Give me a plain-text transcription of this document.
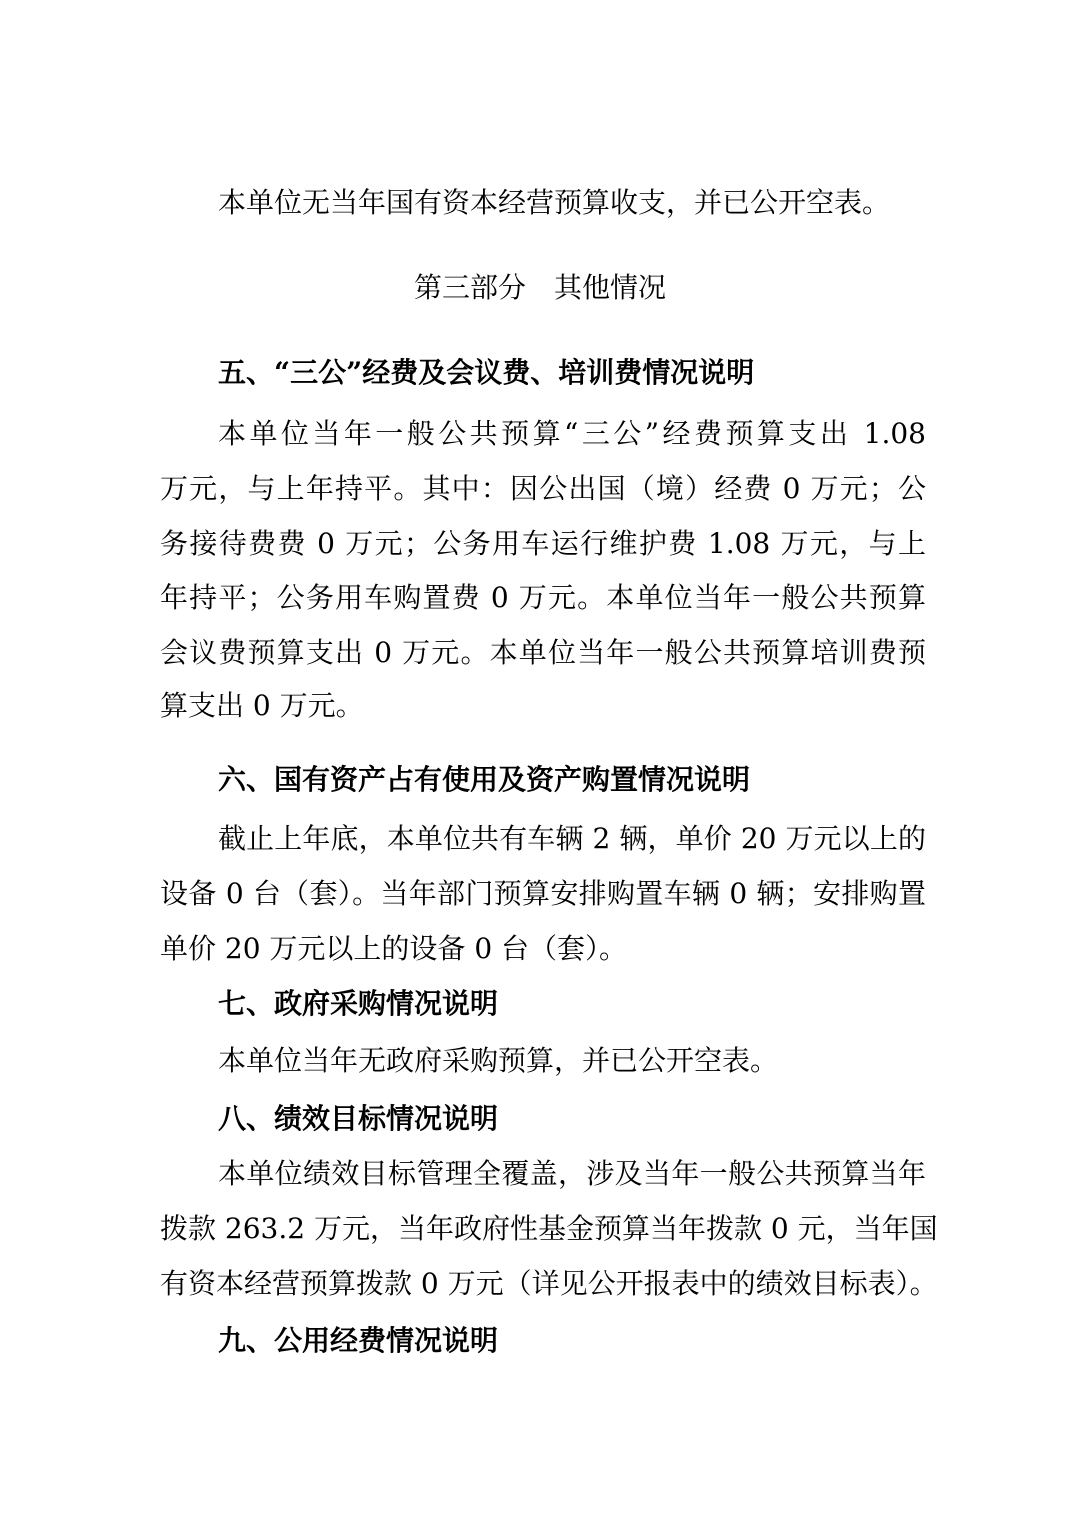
本单位无当年国有资本经营预算收支，并已公开空表。
第三部分　其他情况
五、“三公”经费及会议费、培训费情况说明
本单位当年一般公共预算“三公”经费预算支出 1.08
万元，与上年持平。其中：因公出国（境）经费 0 万元；公
务接待费费 0 万元；公务用车运行维护费 1.08 万元，与上
年持平；公务用车购置费 0 万元。本单位当年一般公共预算
会议费预算支出 0 万元。本单位当年一般公共预算培训费预
算支出 0 万元。
六、国有资产占有使用及资产购置情况说明
截止上年底，本单位共有车辆 2 辆，单价 20 万元以上的
设备 0 台（套）。当年部门预算安排购置车辆 0 辆；安排购置
单价 20 万元以上的设备 0 台（套）。
七、政府采购情况说明
本单位当年无政府采购预算，并已公开空表。
八、绩效目标情况说明
本单位绩效目标管理全覆盖，涉及当年一般公共预算当年
拨款 263.2 万元，当年政府性基金预算当年拨款 0 元，当年国
有资本经营预算拨款 0 万元（详见公开报表中的绩效目标表）。
九、公用经费情况说明
